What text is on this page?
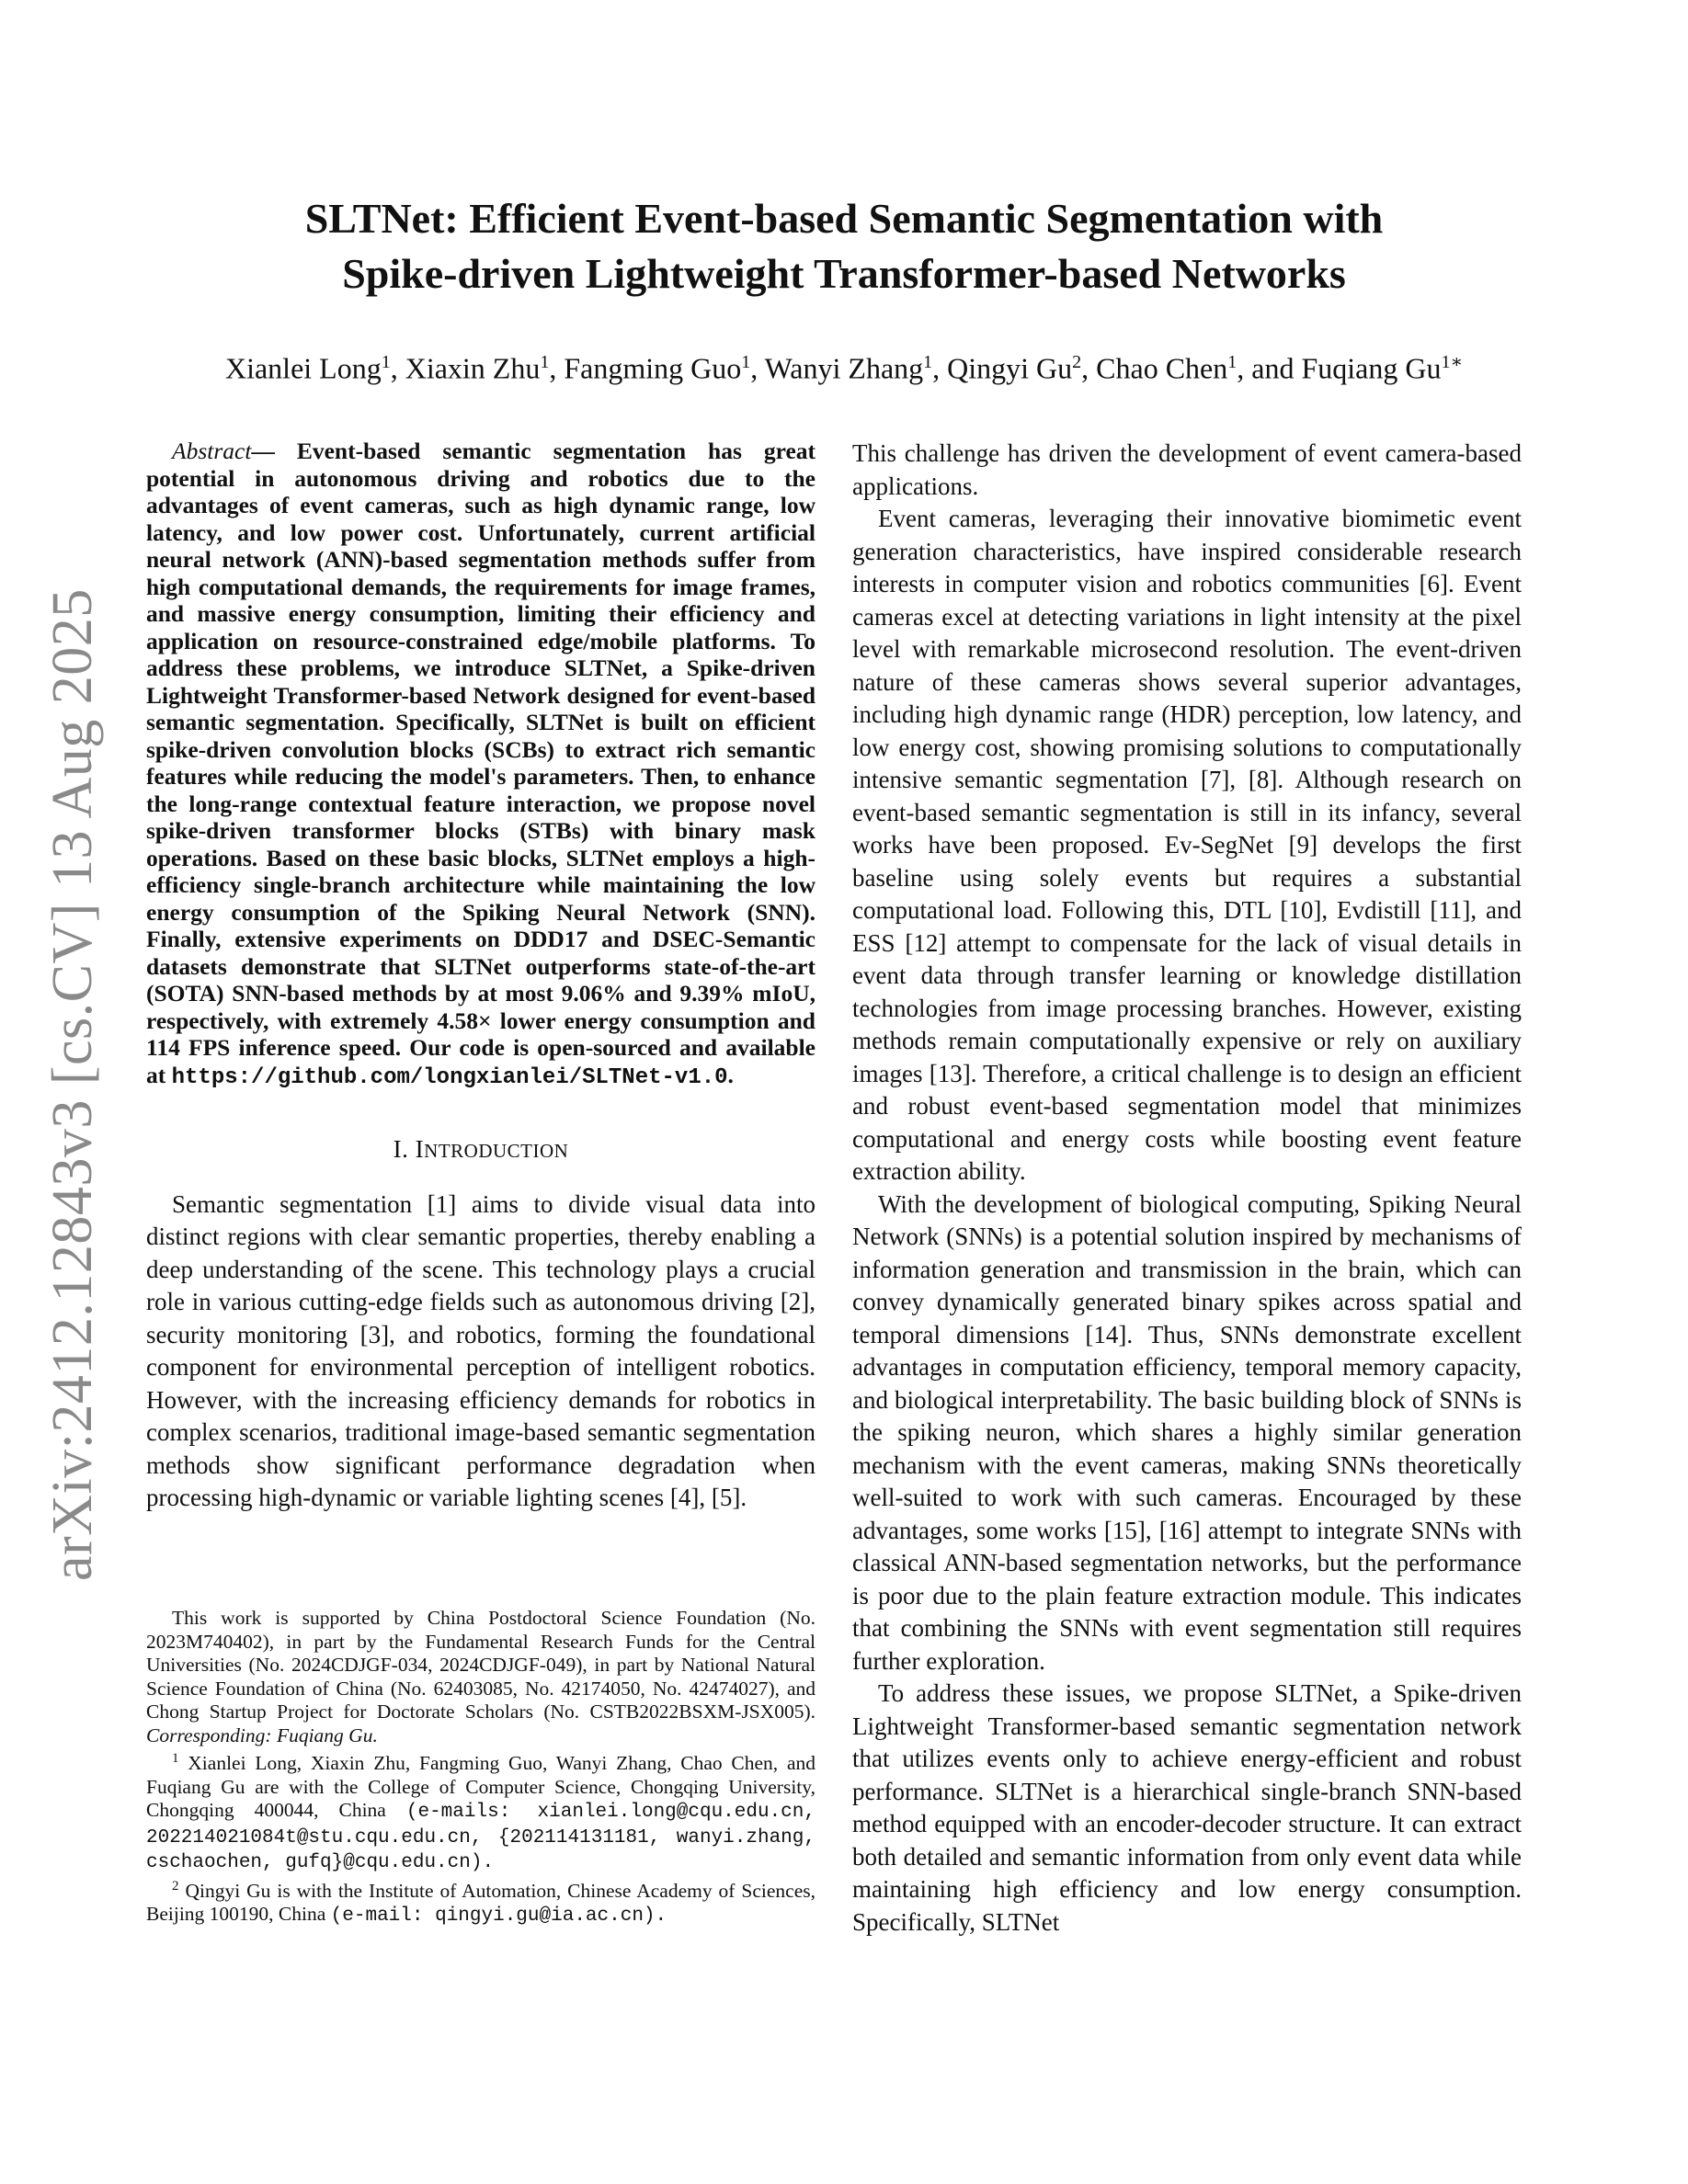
arXiv:2412.12843v3 [cs.CV] 13 Aug 2025
SLTNet: Efficient Event-based Semantic Segmentation with
Spike-driven Lightweight Transformer-based Networks
Xianlei Long$^1$, Xiaxin Zhu$^1$, Fangming Guo$^1$, Wanyi Zhang$^1$, Qingyi Gu$^2$, Chao Chen$^1$, and Fuqiang $Gu^{1∗}$

Abstract— Event-based semantic segmentation has great potential in autonomous driving and robotics due to the advantages of event cameras, such as high dynamic range, low latency, and low power cost. Unfortunately, current artificial neural network (ANN)-based segmentation methods suffer from high computational demands, the requirements for image frames, and massive energy consumption, limiting their efficiency and application on resource-constrained edge/mobile platforms. To address these problems, we introduce SLTNet, a Spike-driven Lightweight Transformer-based Network designed for event-based semantic segmentation. Specifically, SLTNet is built on efficient spike-driven convolution blocks (SCBs) to extract rich semantic features while reducing the model's parameters. Then, to enhance the long-range contextual feature interaction, we propose novel spike-driven transformer blocks (STBs) with binary mask operations. Based on these basic blocks, SLTNet employs a high-efficiency single-branch architecture while maintaining the low energy consumption of the Spiking Neural Network (SNN). Finally, extensive experiments on DDD17 and DSEC-Semantic datasets demonstrate that SLTNet outperforms state-of-the-art (SOTA) SNN-based methods by at most 9.06% and 9.39% mIoU, respectively, with extremely 4.58× lower energy consumption and 114 FPS inference speed. Our code is open-sourced and available at https://github.com/longxianlei/SLTNet-v1.0.

I. INTRODUCTION

Semantic segmentation [1] aims to divide visual data into distinct regions with clear semantic properties, thereby enabling a deep understanding of the scene. This technology plays a crucial role in various cutting-edge fields such as autonomous driving [2], security monitoring [3], and robotics, forming the foundational component for environmental perception of intelligent robotics. However, with the increasing efficiency demands for robotics in complex scenarios, traditional image-based semantic segmentation methods show significant performance degradation when processing high-dynamic or variable lighting scenes [4], [5].

This work is supported by China Postdoctoral Science Foundation (No. 2023M740402), in part by the Fundamental Research Funds for the Central Universities (No. 2024CDJGF-034, 2024CDJGF-049), in part by National Natural Science Foundation of China (No. 62403085, No. 42174050, No. 42474027), and Chong Startup Project for Doctorate Scholars (No. CSTB2022BSXM-JSX005). Corresponding: Fuqiang Gu.

$^1$ Xianlei Long, Xiaxin Zhu, Fangming Guo, Wanyi Zhang, Chao Chen, and Fuqiang Gu are with the College of Computer Science, Chongqing University, Chongqing 400044, China (e-mails: xianlei.long@cqu.edu.cn, 202214021084t@stu.cqu.edu.cn, {202114131181, wanyi.zhang, cschaochen, gufq}@cqu.edu.cn).

$^2$ Qingyi Gu is with the Institute of Automation, Chinese Academy of Sciences, Beijing 100190, China (e-mail: qingyi.gu@ia.ac.cn).

This challenge has driven the development of event camera-based applications.

Event cameras, leveraging their innovative biomimetic event generation characteristics, have inspired considerable research interests in computer vision and robotics communities [6]. Event cameras excel at detecting variations in light intensity at the pixel level with remarkable microsecond resolution. The event-driven nature of these cameras shows several superior advantages, including high dynamic range (HDR) perception, low latency, and low energy cost, showing promising solutions to computationally intensive semantic segmentation [7], [8]. Although research on event-based semantic segmentation is still in its infancy, several works have been proposed. Ev-SegNet [9] develops the first baseline using solely events but requires a substantial computational load. Following this, DTL [10], Evdistill [11], and ESS [12] attempt to compensate for the lack of visual details in event data through transfer learning or knowledge distillation technologies from image processing branches. However, existing methods remain computationally expensive or rely on auxiliary images [13]. Therefore, a critical challenge is to design an efficient and robust event-based segmentation model that minimizes computational and energy costs while boosting event feature extraction ability.

With the development of biological computing, Spiking Neural Network (SNNs) is a potential solution inspired by mechanisms of information generation and transmission in the brain, which can convey dynamically generated binary spikes across spatial and temporal dimensions [14]. Thus, SNNs demonstrate excellent advantages in computation efficiency, temporal memory capacity, and biological interpretability. The basic building block of SNNs is the spiking neuron, which shares a highly similar generation mechanism with the event cameras, making SNNs theoretically well-suited to work with such cameras. Encouraged by these advantages, some works [15], [16] attempt to integrate SNNs with classical ANN-based segmentation networks, but the performance is poor due to the plain feature extraction module. This indicates that combining the SNNs with event segmentation still requires further exploration.

To address these issues, we propose SLTNet, a Spike-driven Lightweight Transformer-based semantic segmentation network that utilizes events only to achieve energy-efficient and robust performance. SLTNet is a hierarchical single-branch SNN-based method equipped with an encoder-decoder structure. It can extract both detailed and semantic information from only event data while maintaining high efficiency and low energy consumption. Specifically, SLTNet
